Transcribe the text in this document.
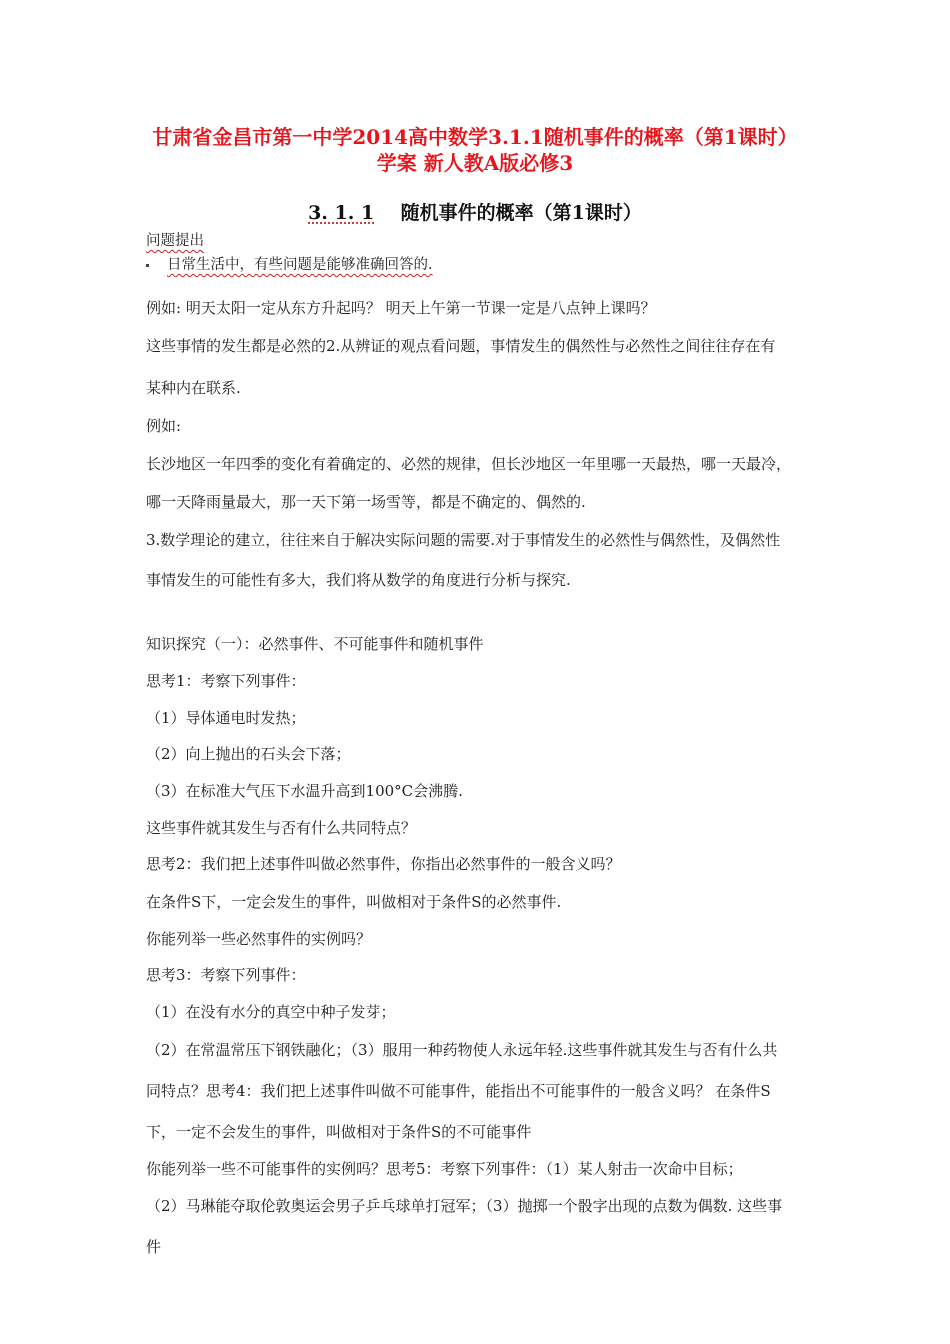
甘肃省金昌市第一中学2014高中数学3.1.1随机事件的概率（第1课时）
学案 新人教A版必修3
3. 1. 1 随机事件的概率（第1课时）
问题提出
日常生活中，有些问题是能够准确回答的.
例如: 明天太阳一定从东方升起吗？ 明天上午第一节课一定是八点钟上课吗？
这些事情的发生都是必然的2.从辨证的观点看问题，事情发生的偶然性与必然性之间往往存在有
某种内在联系.
例如:
长沙地区一年四季的变化有着确定的、必然的规律，但长沙地区一年里哪一天最热，哪一天最冷，
哪一天降雨量最大，那一天下第一场雪等，都是不确定的、偶然的.
3.数学理论的建立，往往来自于解决实际问题的需要.对于事情发生的必然性与偶然性，及偶然性
事情发生的可能性有多大，我们将从数学的角度进行分析与探究.
知识探究（一）：必然事件、不可能事件和随机事件
思考1：考察下列事件：
（1）导体通电时发热；
（2）向上抛出的石头会下落；
（3）在标准大气压下水温升高到100°C会沸腾.
这些事件就其发生与否有什么共同特点？
思考2：我们把上述事件叫做必然事件，你指出必然事件的一般含义吗？
在条件S下，一定会发生的事件，叫做相对于条件S的必然事件.
你能列举一些必然事件的实例吗？
思考3：考察下列事件：
（1）在没有水分的真空中种子发芽；
（2）在常温常压下钢铁融化；（3）服用一种药物使人永远年轻.这些事件就其发生与否有什么共
同特点？思考4：我们把上述事件叫做不可能事件，能指出不可能事件的一般含义吗？ 在条件S
下，一定不会发生的事件，叫做相对于条件S的不可能事件
你能列举一些不可能事件的实例吗？思考5：考察下列事件：（1）某人射击一次命中目标；
（2）马琳能夺取伦敦奥运会男子乒乓球单打冠军；（3）抛掷一个骰字出现的点数为偶数. 这些事
件
